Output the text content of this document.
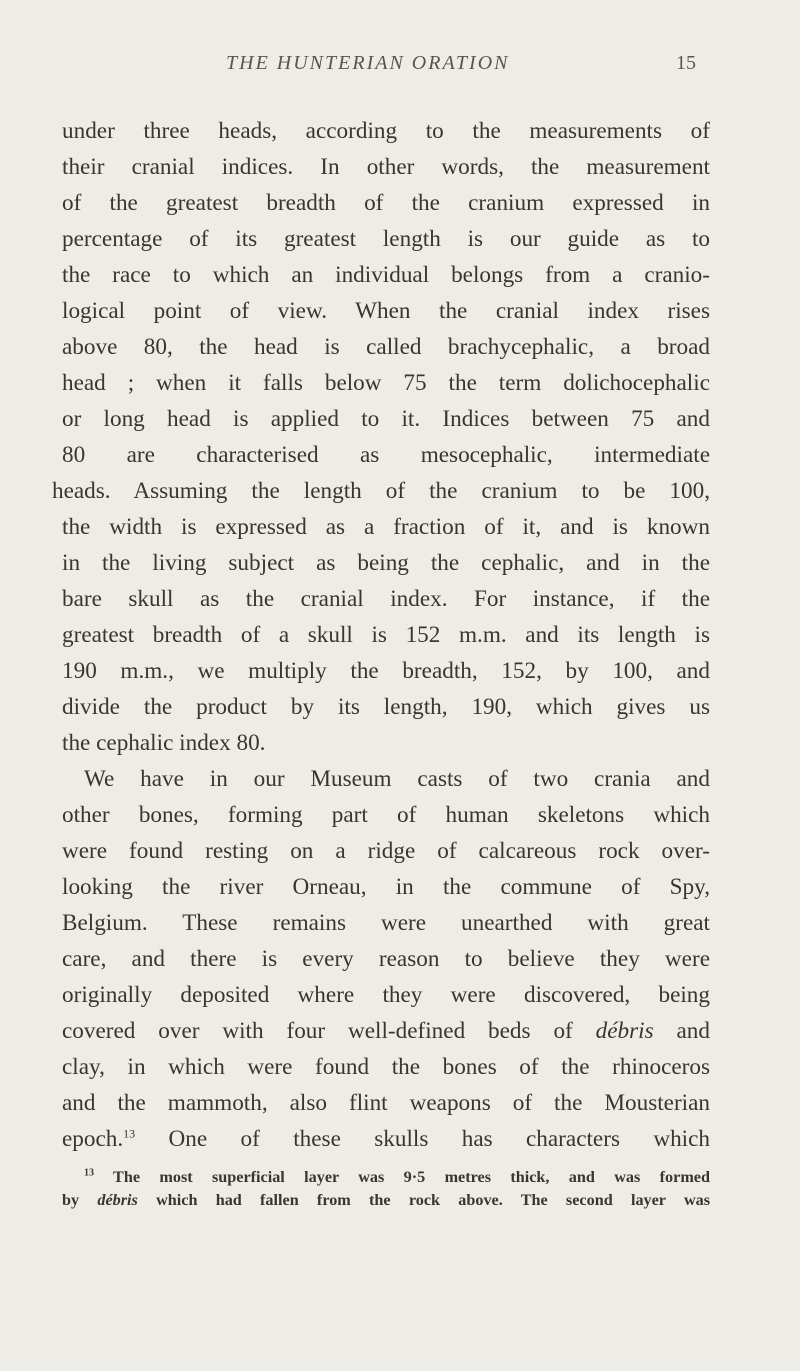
THE HUNTERIAN ORATION	15
under three heads, according to the measurements of
their cranial indices. In other words, the measurement
of the greatest breadth of the cranium expressed in
percentage of its greatest length is our guide as to
the race to which an individual belongs from a cranio-
logical point of view. When the cranial index rises
above 80, the head is called brachycephalic, a broad
head ; when it falls below 75 the term dolichocephalic
or long head is applied to it. Indices between 75 and
80 are characterised as mesocephalic, intermediate
heads. Assuming the length of the cranium to be 100,
the width is expressed as a fraction of it, and is known
in the living subject as being the cephalic, and in the
bare skull as the cranial index. For instance, if the
greatest breadth of a skull is 152 m.m. and its length is
190 m.m., we multiply the breadth, 152, by 100, and
divide the product by its length, 190, which gives us
the cephalic index 80.
We have in our Museum casts of two crania and
other bones, forming part of human skeletons which
were found resting on a ridge of calcareous rock over-
looking the river Orneau, in the commune of Spy,
Belgium. These remains were unearthed with great
care, and there is every reason to believe they were
originally deposited where they were discovered, being
covered over with four well-defined beds of débris and
clay, in which were found the bones of the rhinoceros
and the mammoth, also flint weapons of the Mousterian
epoch.$^{13}$ One of these skulls has characters which
$^{13}$ The most superficial layer was 9·5 metres thick, and was formed
by débris which had fallen from the rock above. The second layer was
